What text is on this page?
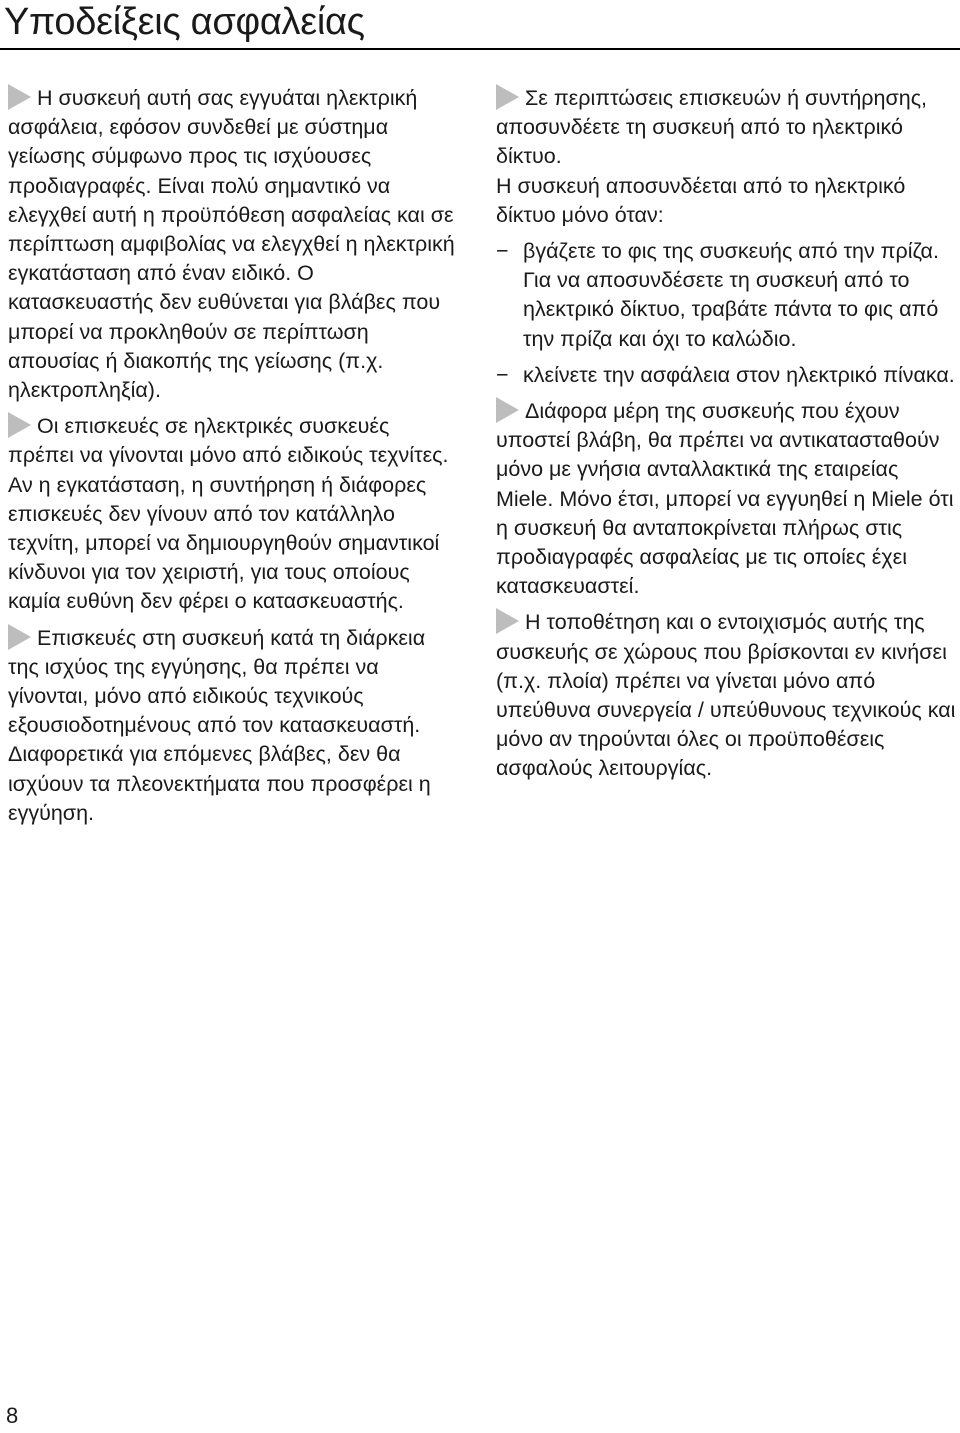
Υποδείξεις ασφαλείας

Η συσκευή αυτή σας εγγυάται ηλεκτρική ασφάλεια, εφόσον συνδεθεί με σύστημα γείωσης σύμφωνο προς τις ισχύουσες προδιαγραφές. Είναι πολύ σημαντικό να ελεγχθεί αυτή η προϋπόθεση ασφαλείας και σε περίπτωση αμφιβολίας να ελεγχθεί η ηλεκτρική εγκατάσταση από έναν ειδικό. Ο κατασκευαστής δεν ευθύνεται για βλάβες που μπορεί να προκληθούν σε περίπτωση απουσίας ή διακοπής της γείωσης (π.χ. ηλεκτροπληξία).

Οι επισκευές σε ηλεκτρικές συσκευές πρέπει να γίνονται μόνο από ειδικούς τεχνίτες.

Αν η εγκατάσταση, η συντήρηση ή διάφορες επισκευές δεν γίνουν από τον κατάλληλο τεχνίτη, μπορεί να δημιουργηθούν σημαντικοί κίνδυνοι για τον χειριστή, για τους οποίους καμία ευθύνη δεν φέρει ο κατασκευαστής.

Επισκευές στη συσκευή κατά τη διάρκεια της ισχύος της εγγύησης, θα πρέπει να γίνονται, μόνο από ειδικούς τεχνικούς εξουσιοδοτημένους από τον κατασκευαστή. Διαφορετικά για επόμενες βλάβες, δεν θα ισχύουν τα πλεονεκτήματα που προσφέρει η εγγύηση.

Σε περιπτώσεις επισκευών ή συντήρησης, αποσυνδέετε τη συσκευή από το ηλεκτρικό δίκτυο.

Η συσκευή αποσυνδέεται από το ηλεκτρικό δίκτυο μόνο όταν:

− βγάζετε το φις της συσκευής από την πρίζα.
Για να αποσυνδέσετε τη συσκευή από το ηλεκτρικό δίκτυο, τραβάτε πάντα το φις από την πρίζα και όχι το καλώδιο.
− κλείνετε την ασφάλεια στον ηλεκτρικό πίνακα.

Διάφορα μέρη της συσκευής που έχουν υποστεί βλάβη, θα πρέπει να αντικατασταθούν μόνο με γνήσια ανταλλακτικά της εταιρείας Miele. Μόνο έτσι, μπορεί να εγγυηθεί η Miele ότι η συσκευή θα ανταποκρίνεται πλήρως στις προδιαγραφές ασφαλείας με τις οποίες έχει κατασκευαστεί.

Η τοποθέτηση και ο εντοιχισμός αυτής της συσκευής σε χώρους που βρίσκονται εν κινήσει (π.χ. πλοία) πρέπει να γίνεται μόνο από υπεύθυνα συνεργεία / υπεύθυνους τεχνικούς και μόνο αν τηρούνται όλες οι προϋποθέσεις ασφαλούς λειτουργίας.

8
